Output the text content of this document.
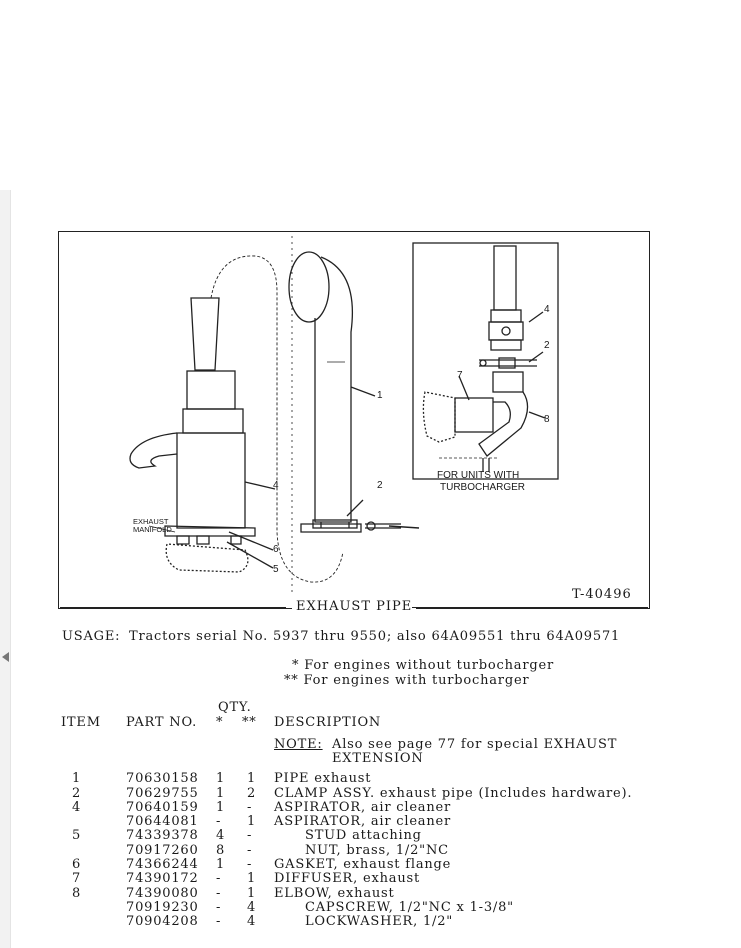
1
2
4
5
6
7
8
4
2
EXHAUST
MANIFOLD
FOR UNITS WITH
TURBOCHARGER
T-40496
EXHAUST PIPE
USAGE: Tractors serial No. 5937 thru 9550; also 64A09551 thru 64A09571
* For engines without turbocharger
** For engines with turbocharger
QTY.
ITEM PART NO. * ** DESCRIPTION
NOTE: Also see page 77 for special EXHAUST
EXTENSION
1	70630158 1 1 PIPE exhaust
2	70629755 1 2 CLAMP ASSY. exhaust pipe (Includes hardware).
4	70640159 1 - ASPIRATOR, air cleaner
70644081 - 1 ASPIRATOR, air cleaner
5	74339378 4 -	STUD attaching
70917260 8 -	NUT, brass, 1/2"NC
6	74366244 1 - GASKET, exhaust flange
7	74390172 - 1 DIFFUSER, exhaust
8	74390080 - 1 ELBOW, exhaust
70919230 - 4	CAPSCREW, 1/2"NC x 1-3/8"
70904208 - 4	LOCKWASHER, 1/2"
